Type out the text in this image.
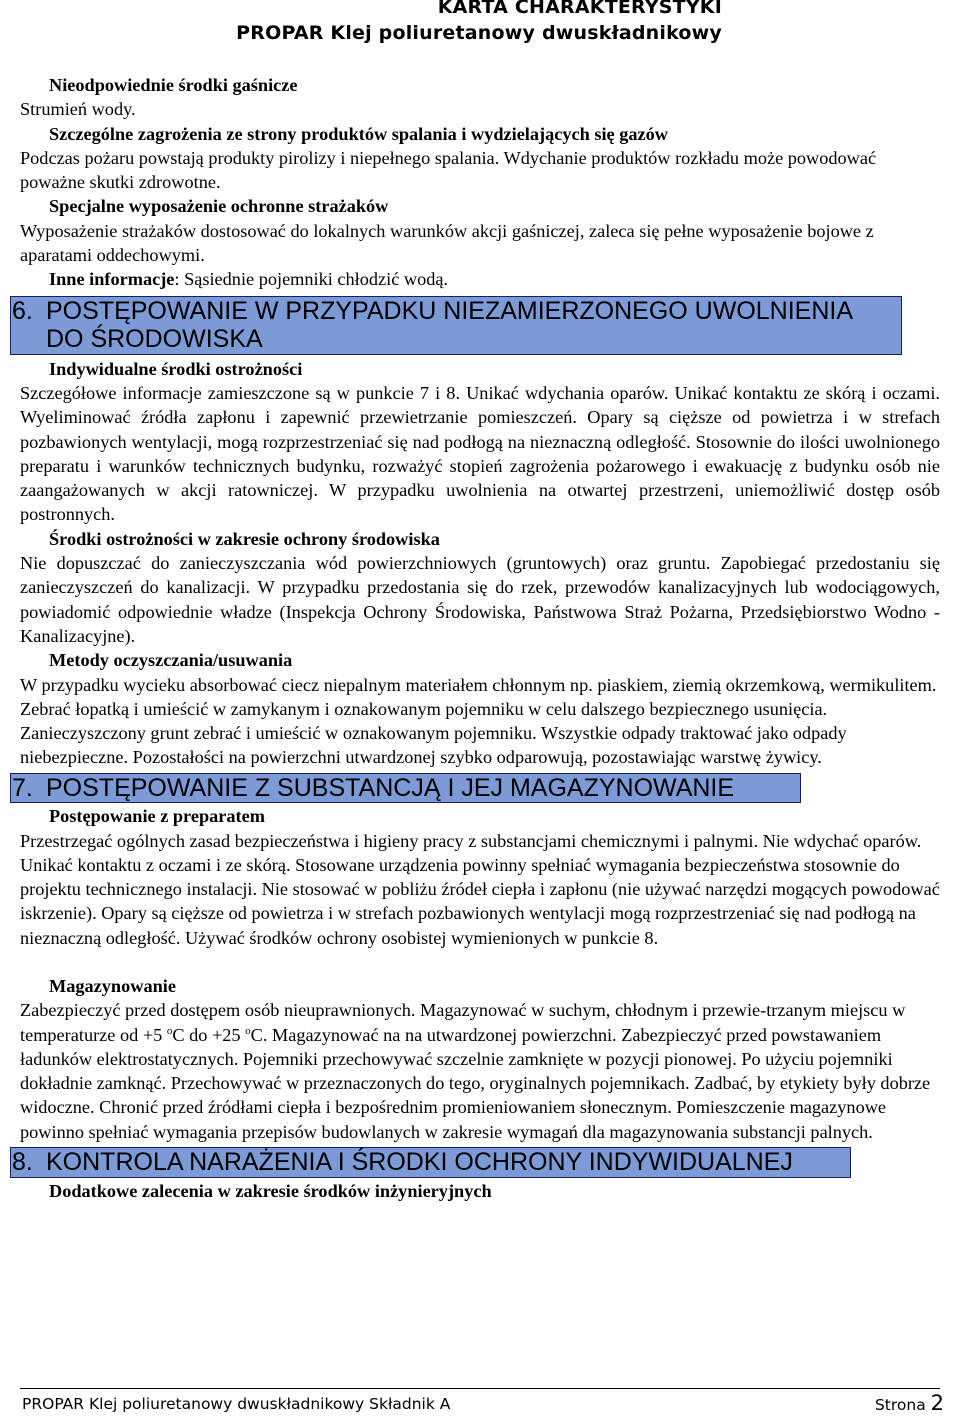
KARTA CHARAKTERYSTYKI
PROPAR Klej poliuretanowy dwuskładnikowy

Nieodpowiednie środki gaśnicze

Strumień wody.

Szczególne zagrożenia ze strony produktów spalania i wydzielających się gazów

Podczas pożaru powstają produkty pirolizy i niepełnego spalania. Wdychanie produktów rozkładu może powodować poważne skutki zdrowotne.

Specjalne wyposażenie ochronne strażaków

Wyposażenie strażaków dostosować do lokalnych warunków akcji gaśniczej, zaleca się pełne wyposażenie bojowe z aparatami oddechowymi.

Inne informacje: Sąsiednie pojemniki chłodzić wodą.

6. POSTĘPOWANIE W PRZYPADKU NIEZAMIERZONEGO UWOLNIENIA
DO ŚRODOWISKA

Indywidualne środki ostrożności

Szczegółowe informacje zamieszczone są w punkcie 7 i 8. Unikać wdychania oparów. Unikać kontaktu ze skórą i oczami. Wyeliminować źródła zapłonu i zapewnić przewietrzanie pomieszczeń. Opary są cięższe od powietrza i w strefach pozbawionych wentylacji, mogą rozprzestrzeniać się nad podłogą na nieznaczną odległość. Stosownie do ilości uwolnionego preparatu i warunków technicznych budynku, rozważyć stopień zagrożenia pożarowego i ewakuację z budynku osób nie zaangażowanych w akcji ratowniczej. W przypadku uwolnienia na otwartej przestrzeni, uniemożliwić dostęp osób postronnych.

Środki ostrożności w zakresie ochrony środowiska

Nie dopuszczać do zanieczyszczania wód powierzchniowych (gruntowych) oraz gruntu. Zapobiegać przedostaniu się zanieczyszczeń do kanalizacji. W przypadku przedostania się do rzek, przewodów kanalizacyjnych lub wodociągowych, powiadomić odpowiednie władze (Inspekcja Ochrony Środowiska, Państwowa Straż Pożarna, Przedsiębiorstwo Wodno - Kanalizacyjne).

Metody oczyszczania/usuwania

W przypadku wycieku absorbować ciecz niepalnym materiałem chłonnym np. piaskiem, ziemią okrzemkową, wermikulitem. Zebrać łopatką i umieścić w zamykanym i oznakowanym pojemniku w celu dalszego bezpiecznego usunięcia. Zanieczyszczony grunt zebrać i umieścić w oznakowanym pojemniku. Wszystkie odpady traktować jako odpady niebezpieczne. Pozostałości na powierzchni utwardzonej szybko odparowują, pozostawiając warstwę żywicy.

7. POSTĘPOWANIE Z SUBSTANCJĄ I JEJ MAGAZYNOWANIE

Postępowanie z preparatem

Przestrzegać ogólnych zasad bezpieczeństwa i higieny pracy z substancjami chemicznymi i palnymi. Nie wdychać oparów. Unikać kontaktu z oczami i ze skórą. Stosowane urządzenia powinny spełniać wymagania bezpieczeństwa stosownie do projektu technicznego instalacji. Nie stosować w pobliżu źródeł ciepła i zapłonu (nie używać narzędzi mogących powodować iskrzenie). Opary są cięższe od powietrza i w strefach pozbawionych wentylacji mogą rozprzestrzeniać się nad podłogą na nieznaczną odległość. Używać środków ochrony osobistej wymienionych w punkcie 8.

Magazynowanie

Zabezpieczyć przed dostępem osób nieuprawnionych. Magazynować w suchym, chłodnym i przewie-trzanym miejscu w temperaturze od +5 $^o$C do +25 $^o$C. Magazynować na na utwardzonej powierzchni. Zabezpieczyć przed powstawaniem ładunków elektrostatycznych. Pojemniki przechowywać szczelnie zamknięte w pozycji pionowej. Po użyciu pojemniki dokładnie zamknąć. Przechowywać w przeznaczonych do tego, oryginalnych pojemnikach. Zadbać, by etykiety były dobrze widoczne. Chronić przed źródłami ciepła i bezpośrednim promieniowaniem słonecznym. Pomieszczenie magazynowe powinno spełniać wymagania przepisów budowlanych w zakresie wymagań dla magazynowania substancji palnych.

8. KONTROLA NARAŻENIA I ŚRODKI OCHRONY INDYWIDUALNEJ

Dodatkowe zalecenia w zakresie środków inżynieryjnych

PROPAR Klej poliuretanowy dwuskładnikowy Składnik A	Strona 2
